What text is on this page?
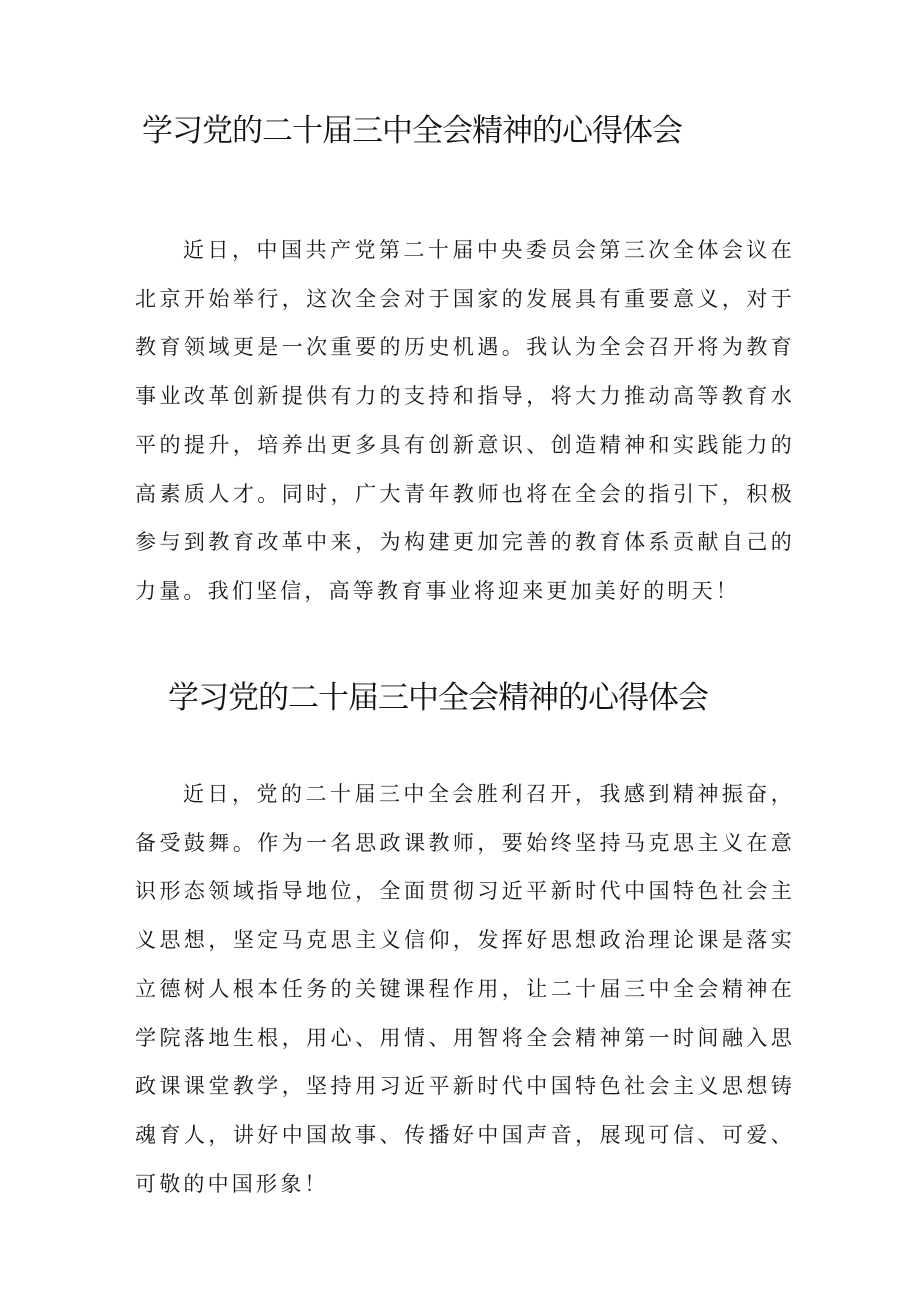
学习党的二十届三中全会精神的心得体会

近日，中国共产党第二十届中央委员会第三次全体会议在北京开始举行，这次全会对于国家的发展具有重要意义，对于教育领域更是一次重要的历史机遇。我认为全会召开将为教育事业改革创新提供有力的支持和指导，将大力推动高等教育水平的提升，培养出更多具有创新意识、创造精神和实践能力的高素质人才。同时，广大青年教师也将在全会的指引下，积极参与到教育改革中来，为构建更加完善的教育体系贡献自己的力量。我们坚信，高等教育事业将迎来更加美好的明天！

学习党的二十届三中全会精神的心得体会

近日，党的二十届三中全会胜利召开，我感到精神振奋，备受鼓舞。作为一名思政课教师，要始终坚持马克思主义在意识形态领域指导地位，全面贯彻习近平新时代中国特色社会主义思想，坚定马克思主义信仰，发挥好思想政治理论课是落实立德树人根本任务的关键课程作用，让二十届三中全会精神在学院落地生根，用心、用情、用智将全会精神第一时间融入思政课课堂教学，坚持用习近平新时代中国特色社会主义思想铸魂育人，讲好中国故事、传播好中国声音，展现可信、可爱、可敬的中国形象！
